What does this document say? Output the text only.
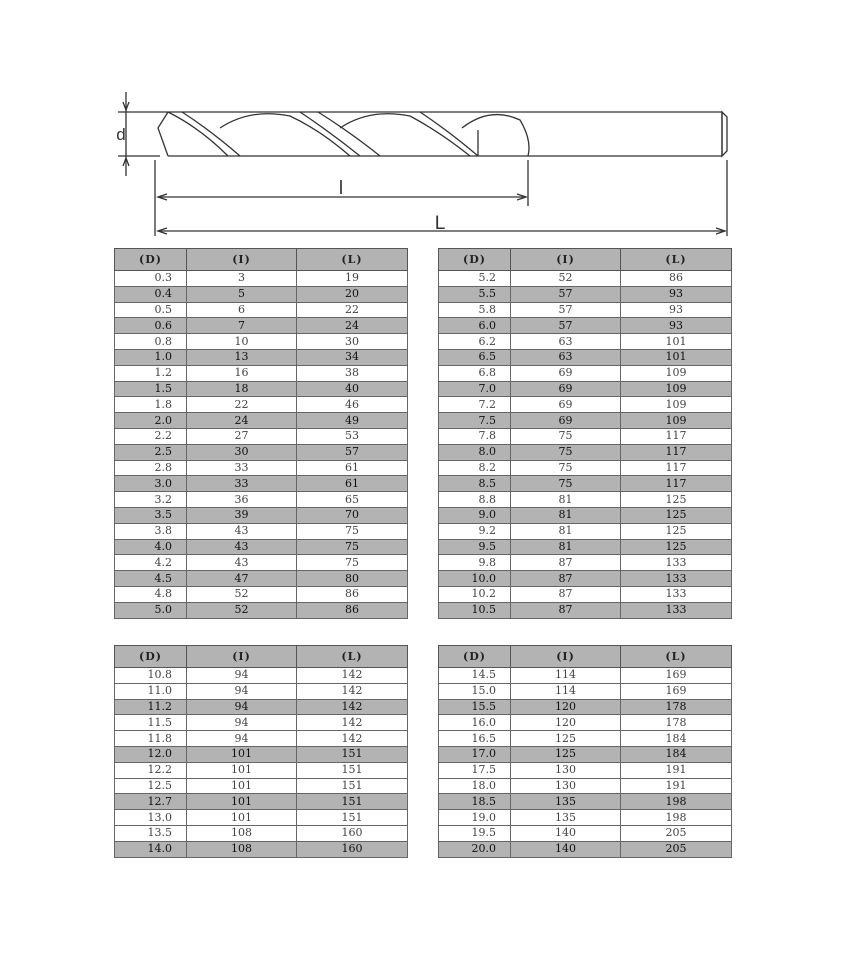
d
l
L
(D)	(I)	(L)
0.3	3	19
0.4	5	20
0.5	6	22
0.6	7	24
0.8	10	30
1.0	13	34
1.2	16	38
1.5	18	40
1.8	22	46
2.0	24	49
2.2	27	53
2.5	30	57
2.8	33	61
3.0	33	61
3.2	36	65
3.5	39	70
3.8	43	75
4.0	43	75
4.2	43	75
4.5	47	80
4.8	52	86
5.0	52	86
(D)	(I)	(L)
5.2	52	86
5.5	57	93
5.8	57	93
6.0	57	93
6.2	63	101
6.5	63	101
6.8	69	109
7.0	69	109
7.2	69	109
7.5	69	109
7.8	75	117
8.0	75	117
8.2	75	117
8.5	75	117
8.8	81	125
9.0	81	125
9.2	81	125
9.5	81	125
9.8	87	133
10.0	87	133
10.2	87	133
10.5	87	133
(D)	(I)	(L)
10.8	94	142
11.0	94	142
11.2	94	142
11.5	94	142
11.8	94	142
12.0	101	151
12.2	101	151
12.5	101	151
12.7	101	151
13.0	101	151
13.5	108	160
14.0	108	160
(D)	(I)	(L)
14.5	114	169
15.0	114	169
15.5	120	178
16.0	120	178
16.5	125	184
17.0	125	184
17.5	130	191
18.0	130	191
18.5	135	198
19.0	135	198
19.5	140	205
20.0	140	205
